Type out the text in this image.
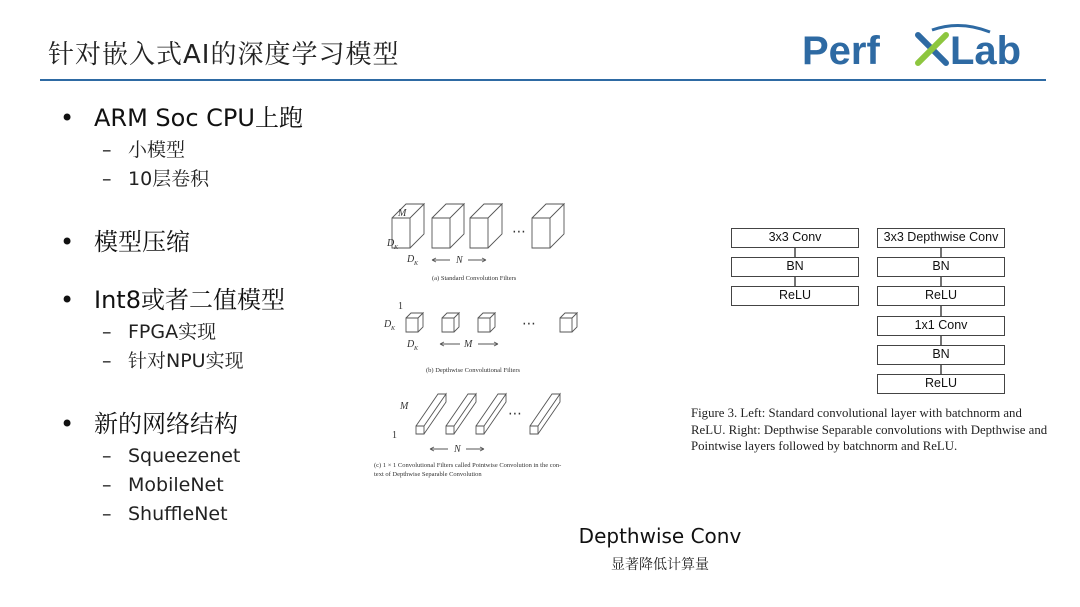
针对嵌入式AI的深度学习模型	Perf Lab
• ARM Soc CPU上跑
– 小模型
– 10层卷积
• 模型压缩
• Int8或者二值模型
– FPGA实现
– 针对NPU实现
• 新的网络结构
– Squeezenet
– MobileNet
– ShuffleNet
M
D K
D K	N
1
D K
D K	M
M
1
N
⋯
⋯
⋯
(a) Standard Convolution Filters
(b) Depthwise Convolutional Filters
(c) 1 × 1 Convolutional Filters called Pointwise Convolution in the con-
text of Depthwise Separable Convolution
3x3 Conv
BN
ReLU
3x3 Depthwise Conv
BN
ReLU
1x1 Conv
BN
ReLU
Figure 3. Left: Standard convolutional layer with batchnorm and ReLU. Right: Depthwise Separable convolutions with Depthwise and Pointwise layers followed by batchnorm and ReLU.
Depthwise Conv
显著降低计算量
